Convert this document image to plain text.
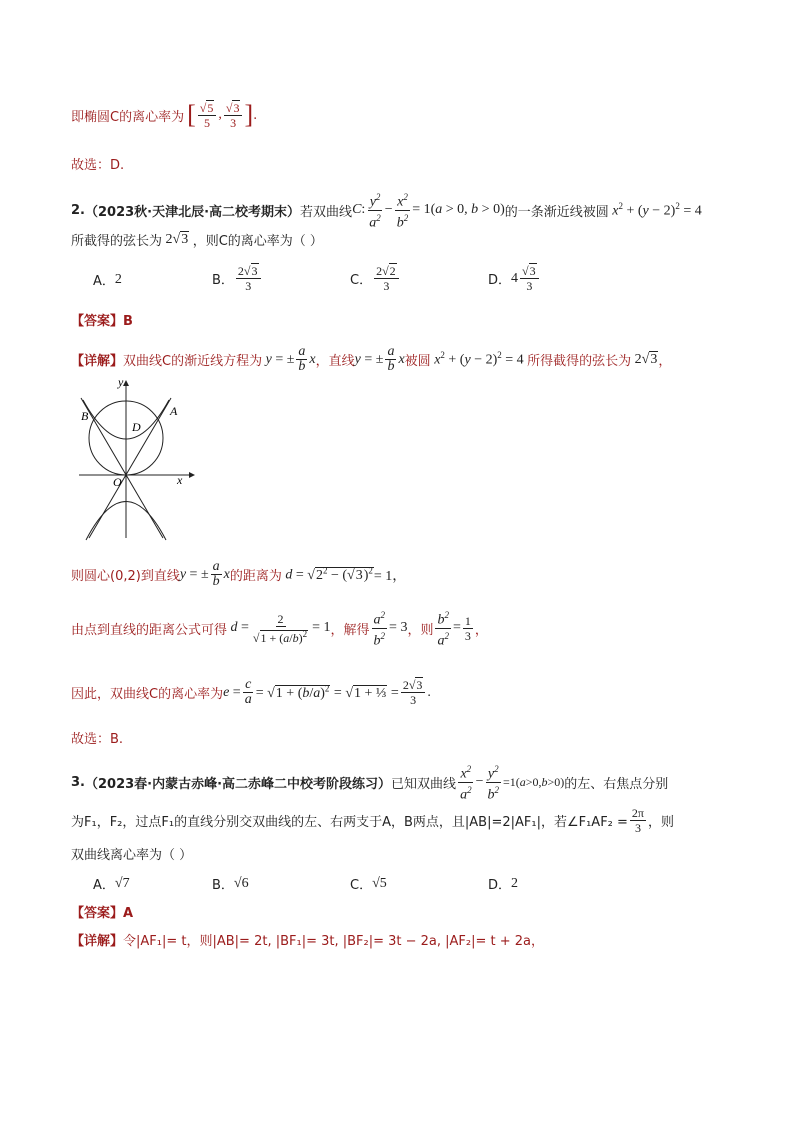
即椭圆C的离心率为 [ √ $\frac{5}{5}$ , √ $\frac{3}{3}$ ] .
故选：D.
2. （2023秋·天津北辰·高二校考期末） 若双曲线 C : $\frac{y^2}{a^2} - \frac{x^2}{b^2} = 1(a > 0$, b > 0) 的一条渐近线被圆 $x^2 + (y - 2)^2 = 4$
所截得的弦长为 2 √ 3 ，则C的离心率为（ ）
A． 2	B． $\frac{2 √ 3}{3}$	C． $\frac{2 √ 2}{3}$	D． 4 √ $\frac{3}{3}$
【答案】B
【详解】 双曲线C的渐近线方程为 y = ± $\frac{a}{b}$ x ，直线 y = ± $\frac{a}{b}$ x 被圆 $x^2 + (y - 2)^2 = 4$ 所得截得的弦长为 2 √ 3 ，
y
x
O
A
B
D
则圆心(0,2)到直线 y = ± $\frac{a}{b}$ x 的距离为 d = √ $2^2$ − ( √ 3)$^2$ = 1，
由点到直线的距离公式可得 d = 2
√ $1 + (a/b)^2 = 1$ ，解得 $\frac{a^2}{b^2} = 3$ ，则 $\frac{b^2}{a^2} = \frac{1}{3}$ ，
因此，双曲线C的离心率为 $e = \frac{c}{a}$ = √ $1 + (b/a)^2$ = √ 1 + ⅓ = $\frac{2 √ 3}{3}$ .
故选：B.
3. （2023春·内蒙古赤峰·高二赤峰二中校考阶段练习） 已知双曲线 $\frac{x^2}{a^2} - \frac{y^2}{b^2} =1(a>0,b>0)$ 的左、右焦点分别
为F₁，F₂，过点F₁的直线分别交双曲线的左、右两支于A，B两点，且|AB|=2|AF₁|，若∠F₁AF₂ = $\frac{2\pi}{3}$ ，则
双曲线离心率为（ ）
A． √7	B． √6	C． √5	D． 2
【答案】A
【详解】 令|AF₁|= t，则|AB|= 2t, |BF₁|= 3t, |BF₂|= 3t − 2a, |AF₂|= t + 2a，
